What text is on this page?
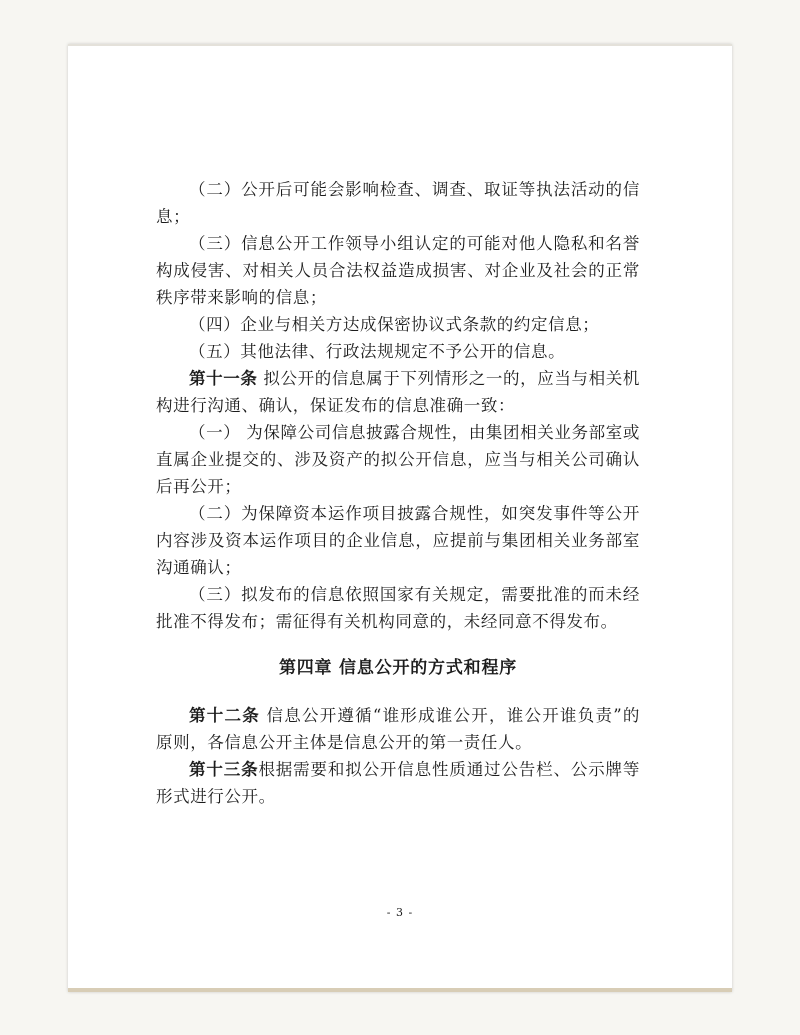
（二）公开后可能会影响检查、调查、取证等执法活动的信息；

（三）信息公开工作领导小组认定的可能对他人隐私和名誉构成侵害、对相关人员合法权益造成损害、对企业及社会的正常秩序带来影响的信息；

（四）企业与相关方达成保密协议式条款的约定信息；

（五）其他法律、行政法规规定不予公开的信息。

第十一条 拟公开的信息属于下列情形之一的，应当与相关机构进行沟通、确认，保证发布的信息准确一致：

（一） 为保障公司信息披露合规性，由集团相关业务部室或直属企业提交的、涉及资产的拟公开信息，应当与相关公司确认后再公开；

（二）为保障资本运作项目披露合规性，如突发事件等公开内容涉及资本运作项目的企业信息，应提前与集团相关业务部室沟通确认；

（三）拟发布的信息依照国家有关规定，需要批准的而未经批准不得发布；需征得有关机构同意的，未经同意不得发布。

第四章 信息公开的方式和程序

第十二条 信息公开遵循“谁形成谁公开，谁公开谁负责”的原则，各信息公开主体是信息公开的第一责任人。

第十三条根据需要和拟公开信息性质通过公告栏、公示牌等形式进行公开。

- 3 -
